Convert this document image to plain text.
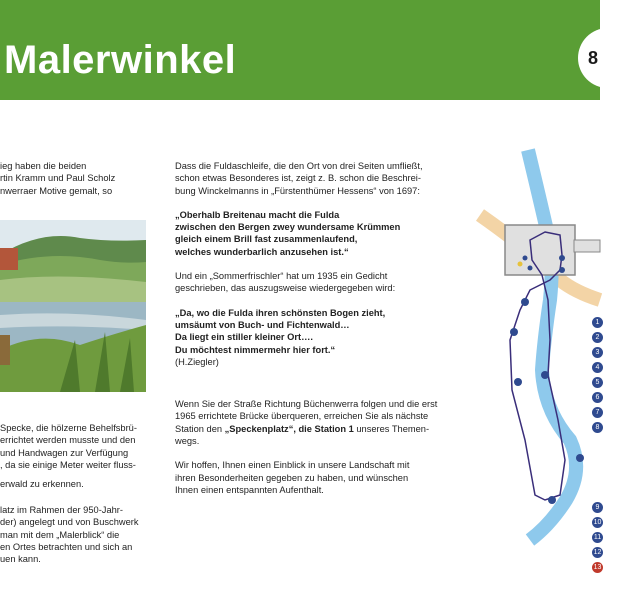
Malerwinkel	8

ieg haben die beiden

rtin Kramm und Paul Scholz

nwerraer Motive gemalt, so

Specke, die hölzerne Behelfsbrü-

errichtet werden musste und den

und Handwagen zur Verfügung

, da sie einige Meter weiter fluss-

erwald zu erkennen.

latz im Rahmen der 950-Jahr-

der) angelegt und von Buschwerk

man mit dem „Malerblick“ die

en Ortes betrachten und sich an

uen kann.

Dass die Fuldaschleife, die den Ort von drei Seiten umfließt,

schon etwas Besonderes ist, zeigt z. B. schon die Beschrei-

bung Winckelmanns in „Fürstenthümer Hessens“ von 1697:

„Oberhalb Breitenau macht die Fulda

zwischen den Bergen zwey wundersame Krümmen

gleich einem Brill fast zusammenlaufend,

welches wunderbarlich anzusehen ist.“

Und ein „Sommerfrischler“ hat um 1935 ein Gedicht

geschrieben, das auszugsweise wiedergegeben wird:

„Da, wo die Fulda ihren schönsten Bogen zieht,

umsäumt von Buch- und Fichtenwald…

Da liegt ein stiller kleiner Ort….

Du möchtest nimmermehr hier fort.“

(H.Ziegler)

Wenn Sie der Straße Richtung Büchenwerra folgen und die erst

1965 errichtete Brücke überqueren, erreichen Sie als nächste

Station den „Speckenplatz“, die Station 1 unseres Themen-

wegs.

Wir hoffen, Ihnen einen Einblick in unsere Landschaft mit

ihren Besonderheiten gegeben zu haben, und wünschen

Ihnen einen entspannten Aufenthalt.

1
2
3
4
5
6
7
8
9
10
11
12
13
